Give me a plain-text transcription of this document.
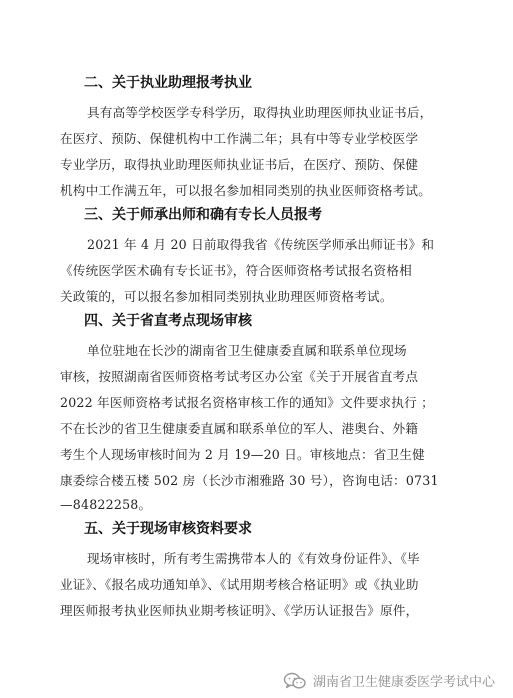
二、关于执业助理报考执业
具有高等学校医学专科学历，取得执业助理医师执业证书后，
在医疗、预防、保健机构中工作满二年；具有中等专业学校医学
专业学历，取得执业助理医师执业证书后，在医疗、预防、保健
机构中工作满五年，可以报名参加相同类别的执业医师资格考试。
三、关于师承出师和确有专长人员报考
2021 年 4 月 20 日前取得我省《传统医学师承出师证书》和
《传统医学医术确有专长证书》，符合医师资格考试报名资格相
关政策的，可以报名参加相同类别执业助理医师资格考试。
四、关于省直考点现场审核
单位驻地在长沙的湖南省卫生健康委直属和联系单位现场
审核，按照湖南省医师资格考试考区办公室《关于开展省直考点
2022 年医师资格考试报名资格审核工作的通知》文件要求执行 ；
不在长沙的省卫生健康委直属和联系单位的军人、港奥台、外籍
考生个人现场审核时间为 2 月 19—20 日。审核地点：省卫生健
康委综合楼五楼 502 房（长沙市湘雅路 30 号），咨询电话：0731
—84822258。
五、关于现场审核资料要求
现场审核时，所有考生需携带本人的《有效身份证件》、《毕
业证》、《报名成功通知单》、《试用期考核合格证明》或《执业助
理医师报考执业医师执业期考核证明》、《学历认证报告》原件，
湖南省卫生健康委医学考试中心
